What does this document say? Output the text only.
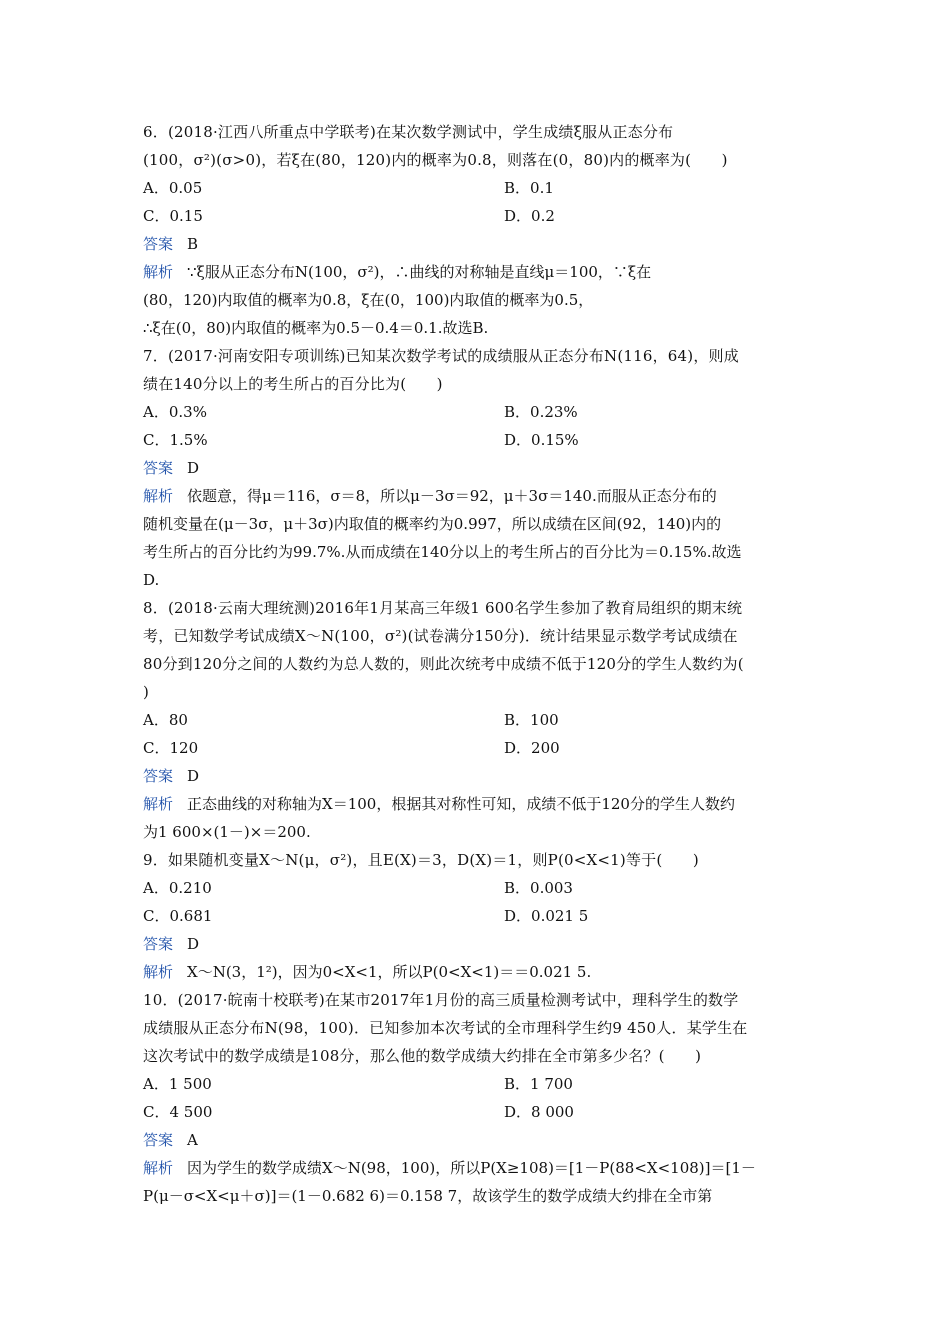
6．(2018·江西八所重点中学联考)在某次数学测试中，学生成绩ξ服从正态分布
(100，σ²)(σ>0)，若ξ在(80，120)内的概率为0.8，则落在(0，80)内的概率为(　　)
A．0.05	B．0.1
C．0.15	D．0.2
答案 B
解析 ∵ξ服从正态分布N(100，σ²)，∴曲线的对称轴是直线μ＝100，∵ξ在
(80，120)内取值的概率为0.8，ξ在(0，100)内取值的概率为0.5，
∴ξ在(0，80)内取值的概率为0.5－0.4＝0.1.故选B.
7．(2017·河南安阳专项训练)已知某次数学考试的成绩服从正态分布N(116，64)，则成
绩在140分以上的考生所占的百分比为(　　)
A．0.3%	B．0.23%
C．1.5%	D．0.15%
答案 D
解析 依题意，得μ＝116，σ＝8，所以μ－3σ＝92，μ＋3σ＝140.而服从正态分布的
随机变量在(μ－3σ，μ＋3σ)内取值的概率约为0.997，所以成绩在区间(92，140)内的
考生所占的百分比约为99.7%.从而成绩在140分以上的考生所占的百分比为＝0.15%.故选
D.
8．(2018·云南大理统测)2016年1月某高三年级1 600名学生参加了教育局组织的期末统
考，已知数学考试成绩X～N(100，σ²)(试卷满分150分)．统计结果显示数学考试成绩在
80分到120分之间的人数约为总人数的，则此次统考中成绩不低于120分的学生人数约为(
)
A．80	B．100
C．120	D．200
答案 D
解析 正态曲线的对称轴为X＝100，根据其对称性可知，成绩不低于120分的学生人数约
为1 600×(1－)×＝200.
9．如果随机变量X～N(μ，σ²)，且E(X)＝3，D(X)＝1，则P(0<X<1)等于(　　)
A．0.210	B．0.003
C．0.681	D．0.021 5
答案 D
解析 X～N(3，1²)，因为0<X<1，所以P(0<X<1)＝＝0.021 5.
10．(2017·皖南十校联考)在某市2017年1月份的高三质量检测考试中，理科学生的数学
成绩服从正态分布N(98，100)．已知参加本次考试的全市理科学生约9 450人．某学生在
这次考试中的数学成绩是108分，那么他的数学成绩大约排在全市第多少名？(　　)
A．1 500	B．1 700
C．4 500	D．8 000
答案 A
解析 因为学生的数学成绩X～N(98，100)，所以P(X≥108)＝[1－P(88<X<108)]＝[1－
P(μ－σ<X<μ＋σ)]＝(1－0.682 6)＝0.158 7，故该学生的数学成绩大约排在全市第
